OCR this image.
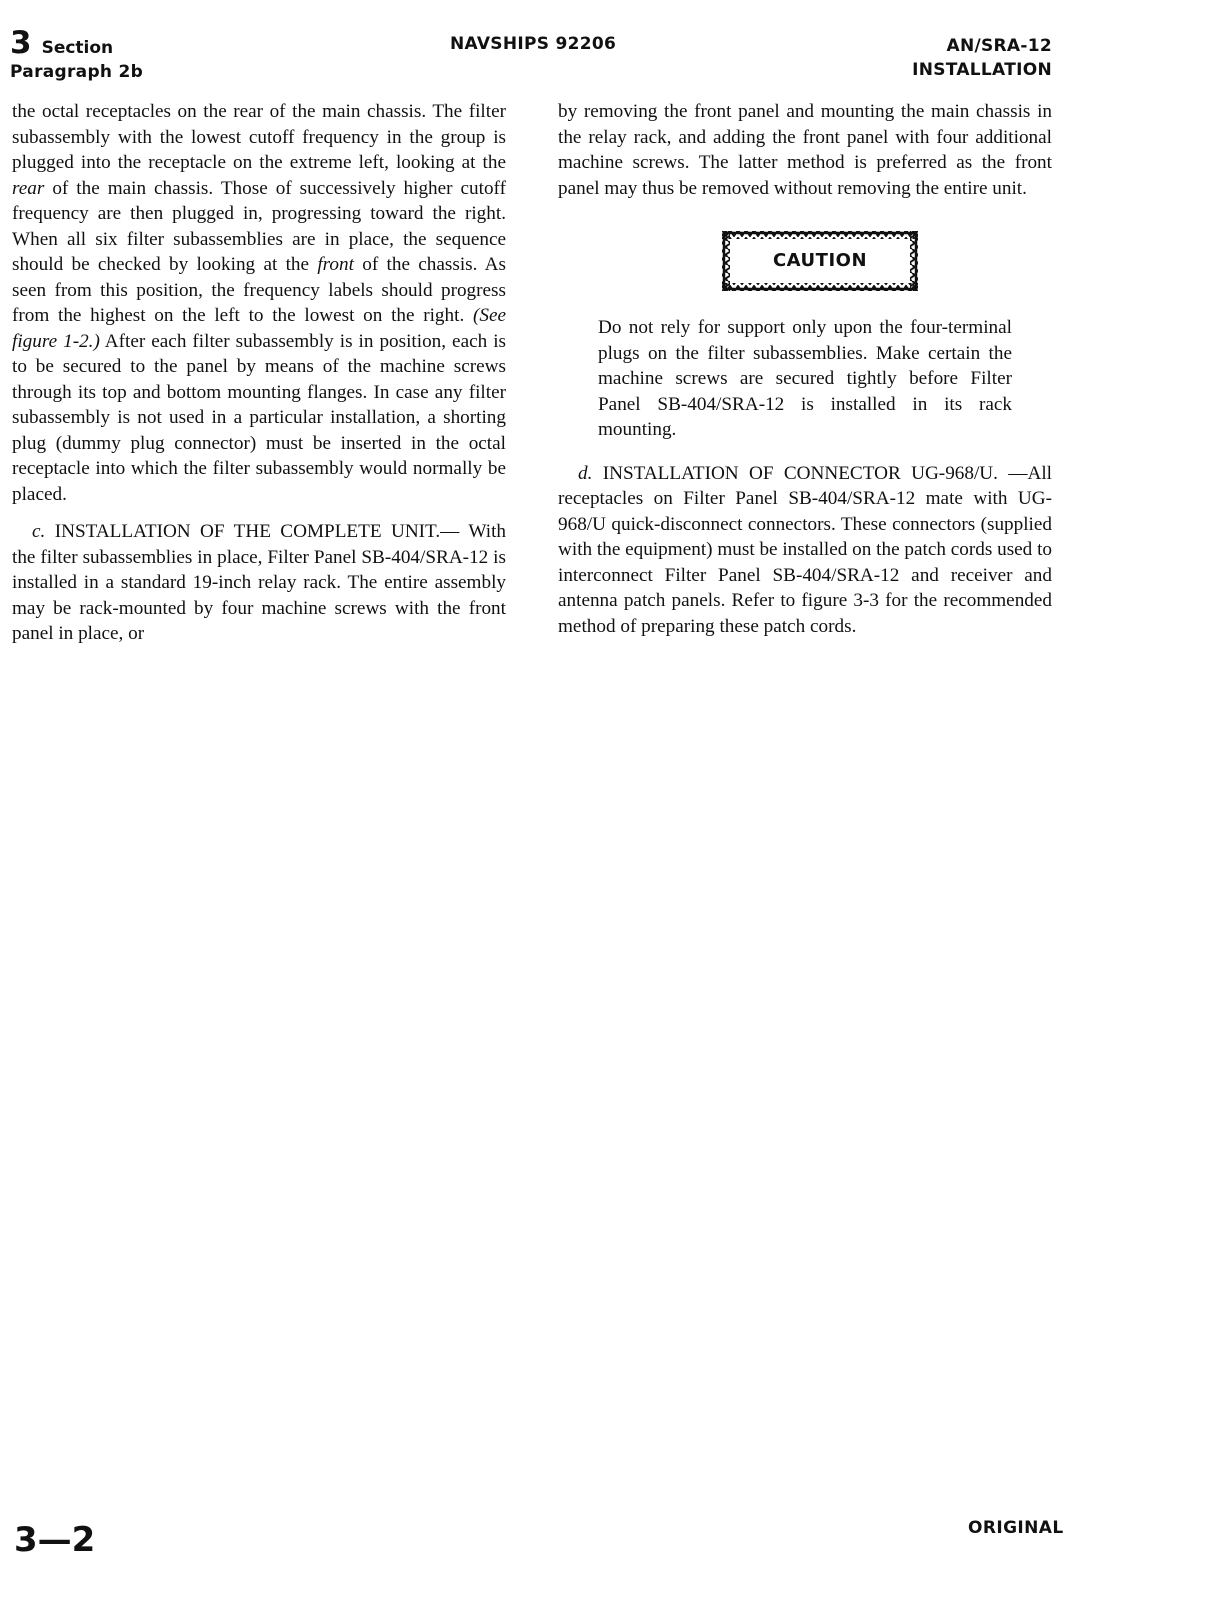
3 Section
Paragraph 2b
NAVSHIPS 92206	AN/SRA-12
INSTALLATION

the octal receptacles on the rear of the main chassis. The filter subassembly with the lowest cutoff frequency in the group is plugged into the receptacle on the extreme left, looking at the rear of the main chassis. Those of successively higher cutoff frequency are then plugged in, progressing toward the right. When all six filter subassemblies are in place, the sequence should be checked by looking at the front of the chassis. As seen from this position, the frequency labels should progress from the highest on the left to the lowest on the right. (See figure 1-2.) After each filter subassembly is in position, each is to be secured to the panel by means of the machine screws through its top and bottom mounting flanges. In case any filter subassembly is not used in a particular installation, a shorting plug (dummy plug connector) must be inserted in the octal receptacle into which the filter subassembly would normally be placed.

c. INSTALLATION OF THE COMPLETE UNIT.— With the filter subassemblies in place, Filter Panel SB-404/SRA-12 is installed in a standard 19-inch relay rack. The entire assembly may be rack-mounted by four machine screws with the front panel in place, or

by removing the front panel and mounting the main chassis in the relay rack, and adding the front panel with four additional machine screws. The latter method is preferred as the front panel may thus be removed without removing the entire unit.

CAUTION

Do not rely for support only upon the four-terminal plugs on the filter subassemblies. Make certain the machine screws are secured tightly before Filter Panel SB-404/SRA-12 is installed in its rack mounting.

d. INSTALLATION OF CONNECTOR UG-968/U. —All receptacles on Filter Panel SB-404/SRA-12 mate with UG-968/U quick-disconnect connectors. These connectors (supplied with the equipment) must be installed on the patch cords used to interconnect Filter Panel SB-404/SRA-12 and receiver and antenna patch panels. Refer to figure 3-3 for the recommended method of preparing these patch cords.

3—2	ORIGINAL
